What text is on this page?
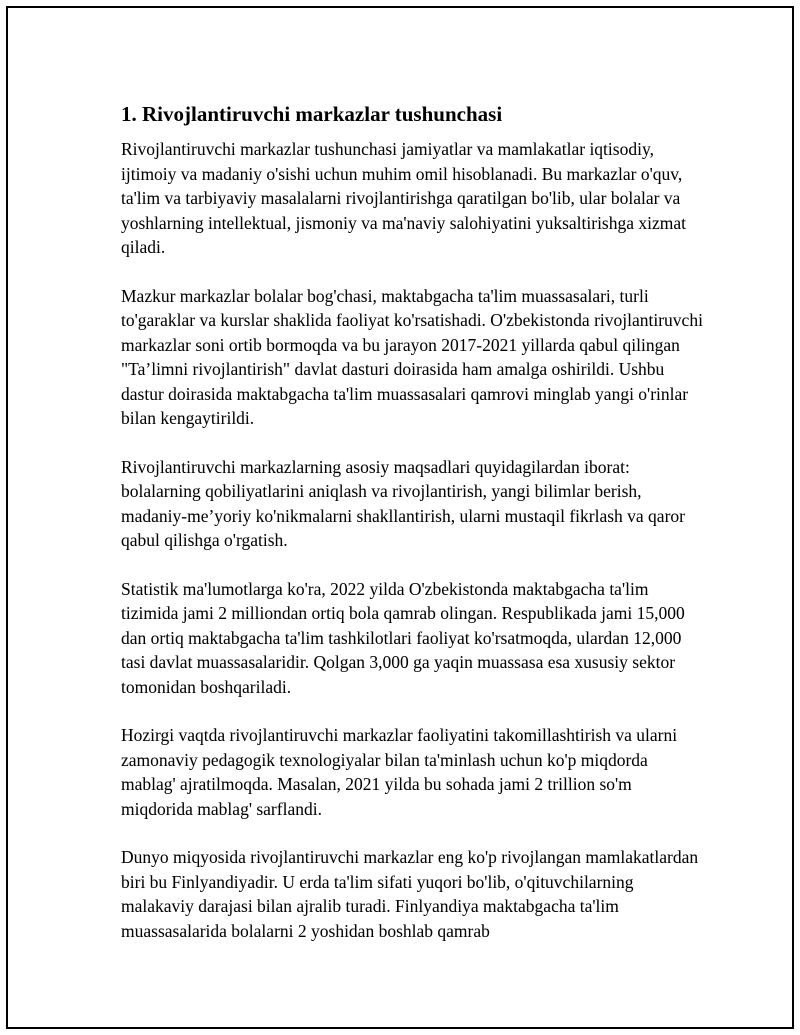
1. Rivojlantiruvchi markazlar tushunchasi

Rivojlantiruvchi markazlar tushunchasi jamiyatlar va mamlakatlar iqtisodiy, ijtimoiy va madaniy o'sishi uchun muhim omil hisoblanadi. Bu markazlar o'quv, ta'lim va tarbiyaviy masalalarni rivojlantirishga qaratilgan bo'lib, ular bolalar va yoshlarning intellektual, jismoniy va ma'naviy salohiyatini yuksaltirishga xizmat qiladi.

Mazkur markazlar bolalar bog'chasi, maktabgacha ta'lim muassasalari, turli to'garaklar va kurslar shaklida faoliyat ko'rsatishadi. O'zbekistonda rivojlantiruvchi markazlar soni ortib bormoqda va bu jarayon 2017-2021 yillarda qabul qilingan "Ta’limni rivojlantirish" davlat dasturi doirasida ham amalga oshirildi. Ushbu dastur doirasida maktabgacha ta'lim muassasalari qamrovi minglab yangi o'rinlar bilan kengaytirildi.

Rivojlantiruvchi markazlarning asosiy maqsadlari quyidagilardan iborat: bolalarning qobiliyatlarini aniqlash va rivojlantirish, yangi bilimlar berish, madaniy-me’yoriy ko'nikmalarni shakllantirish, ularni mustaqil fikrlash va qaror qabul qilishga o'rgatish.

Statistik ma'lumotlarga ko'ra, 2022 yilda O'zbekistonda maktabgacha ta'lim tizimida jami 2 milliondan ortiq bola qamrab olingan. Respublikada jami 15,000 dan ortiq maktabgacha ta'lim tashkilotlari faoliyat ko'rsatmoqda, ulardan 12,000 tasi davlat muassasalaridir. Qolgan 3,000 ga yaqin muassasa esa xususiy sektor tomonidan boshqariladi.

Hozirgi vaqtda rivojlantiruvchi markazlar faoliyatini takomillashtirish va ularni zamonaviy pedagogik texnologiyalar bilan ta'minlash uchun ko'p miqdorda mablag' ajratilmoqda. Masalan, 2021 yilda bu sohada jami 2 trillion so'm miqdorida mablag' sarflandi.

Dunyo miqyosida rivojlantiruvchi markazlar eng ko'p rivojlangan mamlakatlardan biri bu Finlyandiyadir. U erda ta'lim sifati yuqori bo'lib, o'qituvchilarning malakaviy darajasi bilan ajralib turadi. Finlyandiya maktabgacha ta'lim muassasalarida bolalarni 2 yoshidan boshlab qamrab
